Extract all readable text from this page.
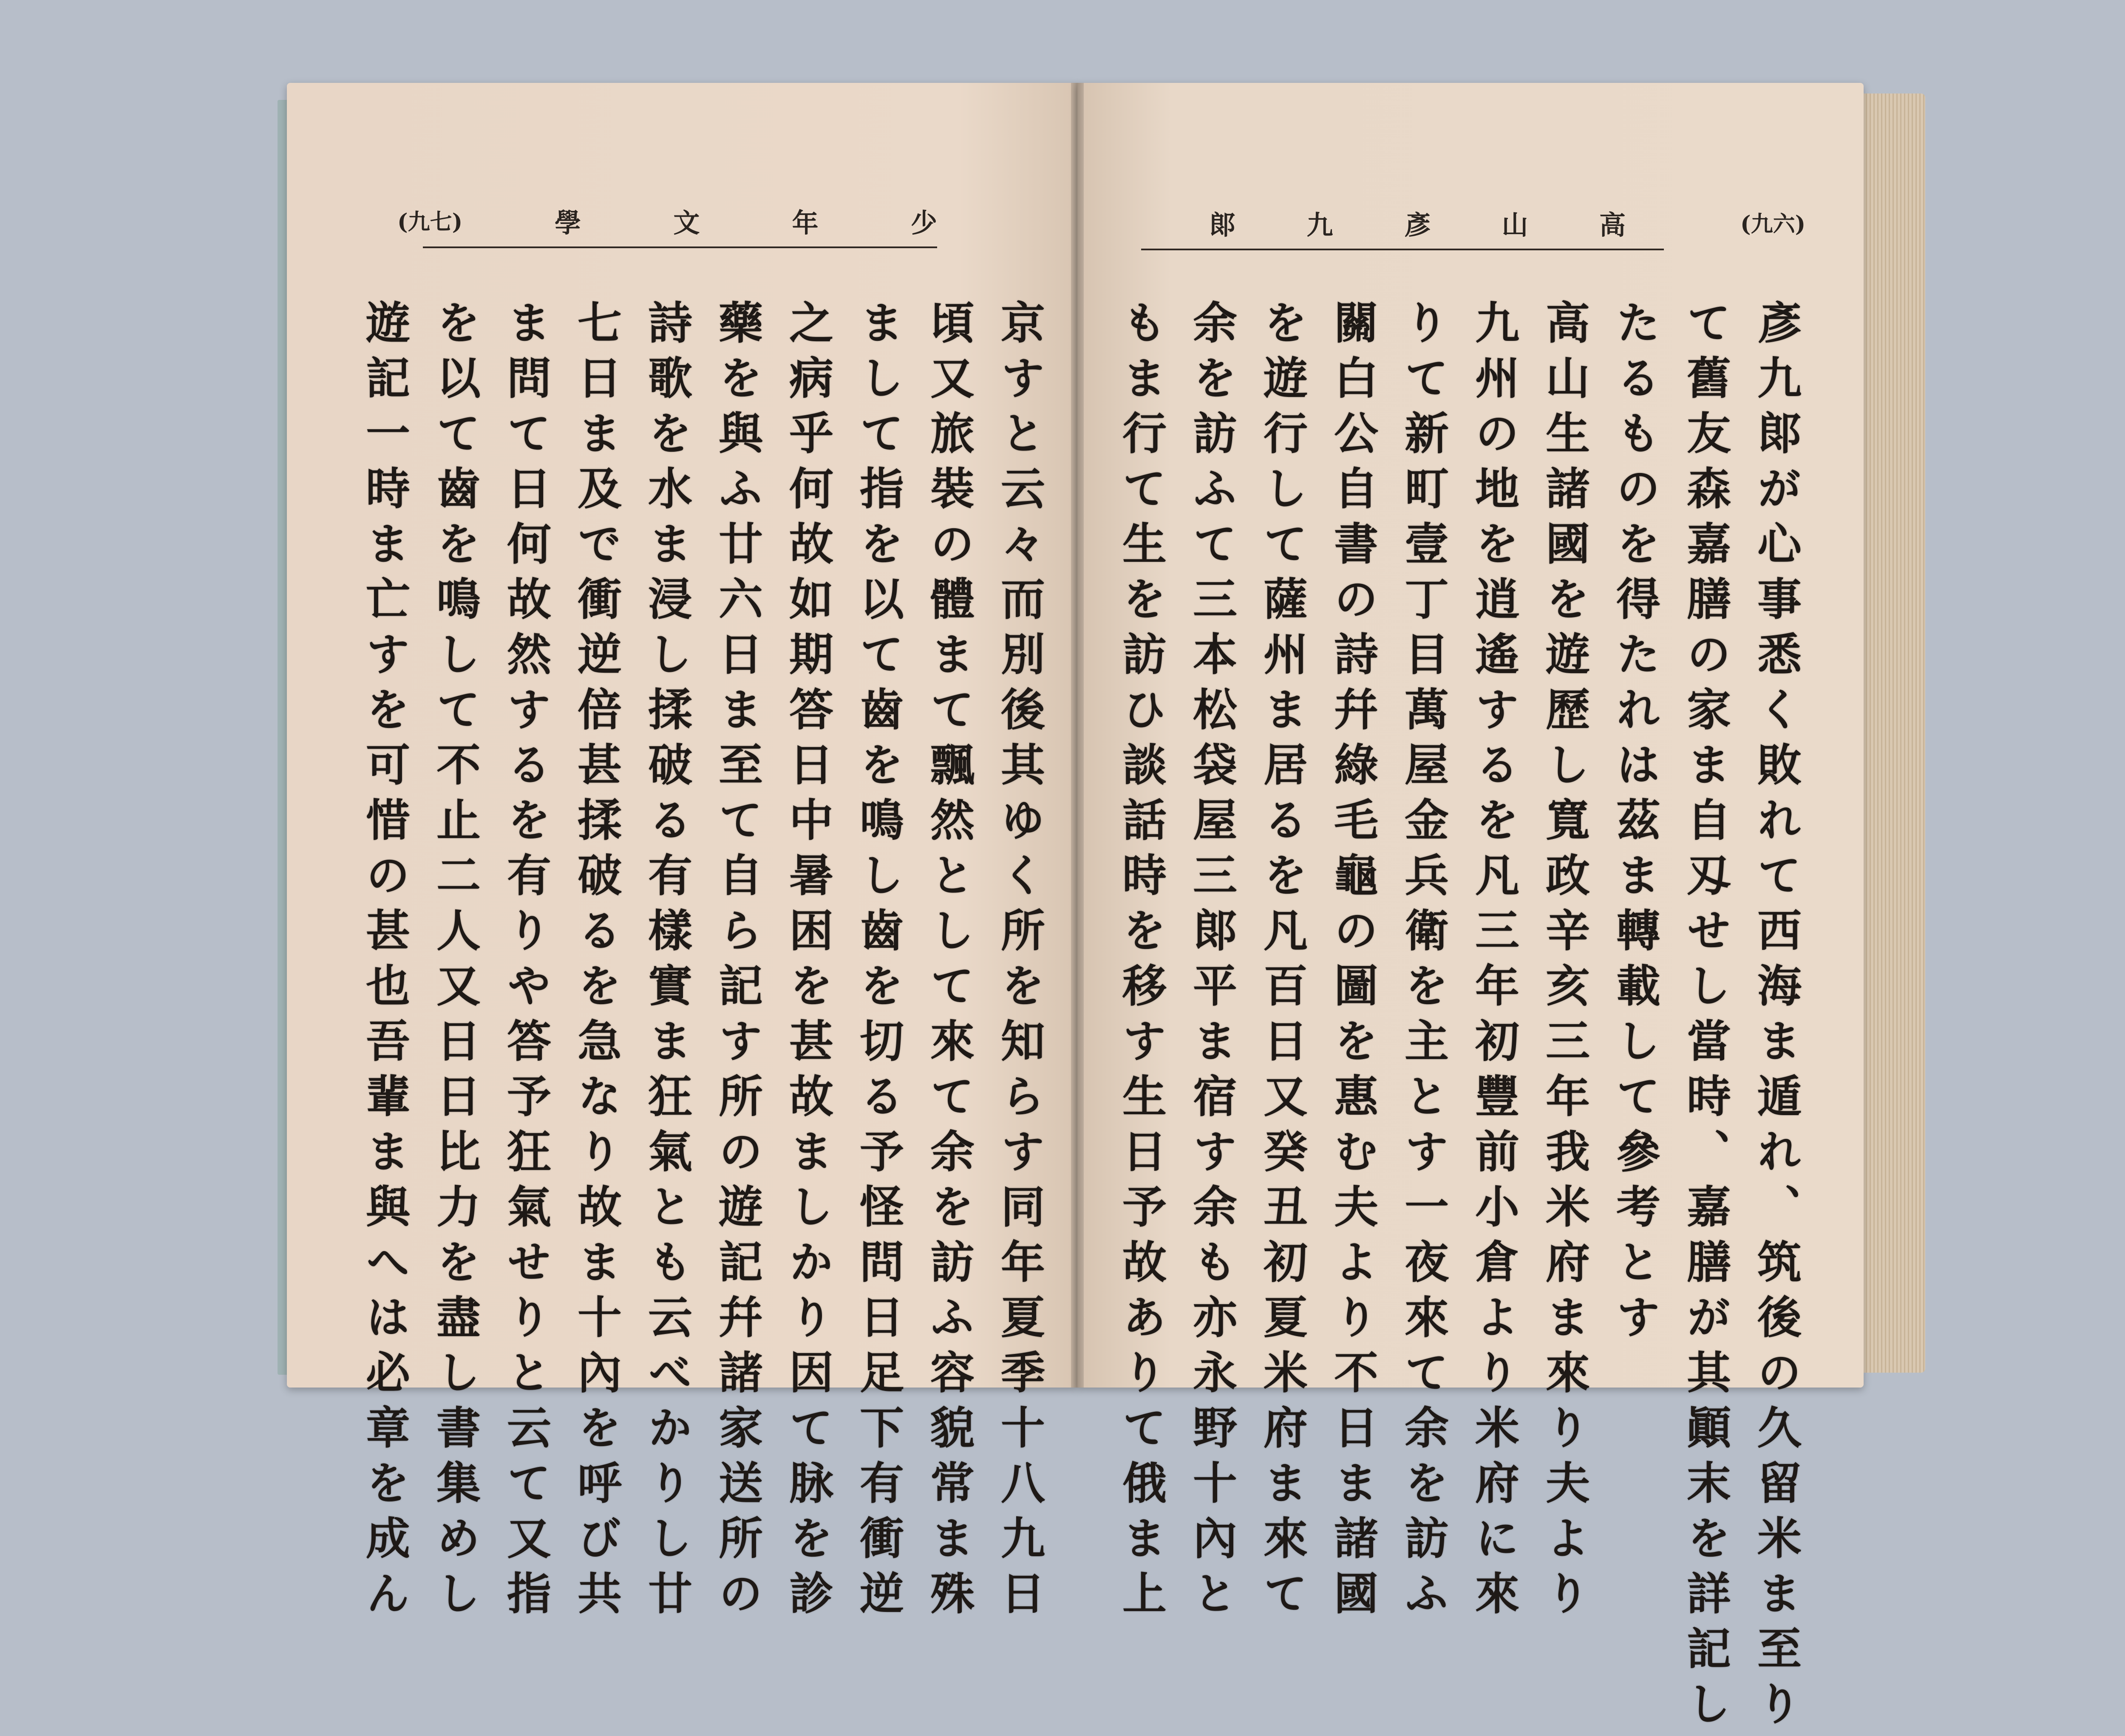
(九七)	學	文	年	少
京すと云々而別後其ゆく所を知らす同年夏季十八九日
頃又旅裝の體まて飄然として來て余を訪ふ容貌常ま殊
まして指を以て齒を鳴し齒を切る予怪問日足下有衝逆
之病乎何故如期答日中暑困を甚故ましかり因て脉を診
藥を與ふ廿六日ま至て自ら記す所の遊記幷諸家送所の
詩歌を水ま浸し揉破る有樣實ま狂氣とも云べかりし廿
七日ま及で衝逆倍甚揉破るを急なり故ま十內を呼び共
ま問て日何故然するを有りや答予狂氣せりと云て又指
を以て齒を鳴して不止二人又日日比力を盡し書集めし
遊記一時ま亡すを可惜の甚也吾輩ま與へは必章を成ん
郞	九	彥	山	高	(九六)
彥九郞が心事悉く敗れて西海ま遁れ、筑後の久留米ま至り
て舊友森嘉膳の家ま自刄せし當時、嘉膳が其顚末を詳記し
たるものを得たれは茲ま轉載して參考とす
高山生諸國を遊歷し寬政辛亥三年我米府ま來り夫より
九州の地を逍遙するを凡三年初豐前小倉より米府に來
りて新町壹丁目萬屋金兵衛を主とす一夜來て余を訪ふ
關白公自書の詩幷綠毛龜の圖を惠む夫より不日ま諸國
を遊行して薩州ま居るを凡百日又癸丑初夏米府ま來て
余を訪ふて三本松袋屋三郞平ま宿す余も亦永野十內と
もま行て生を訪ひ談話時を移す生日予故ありて俄ま上
